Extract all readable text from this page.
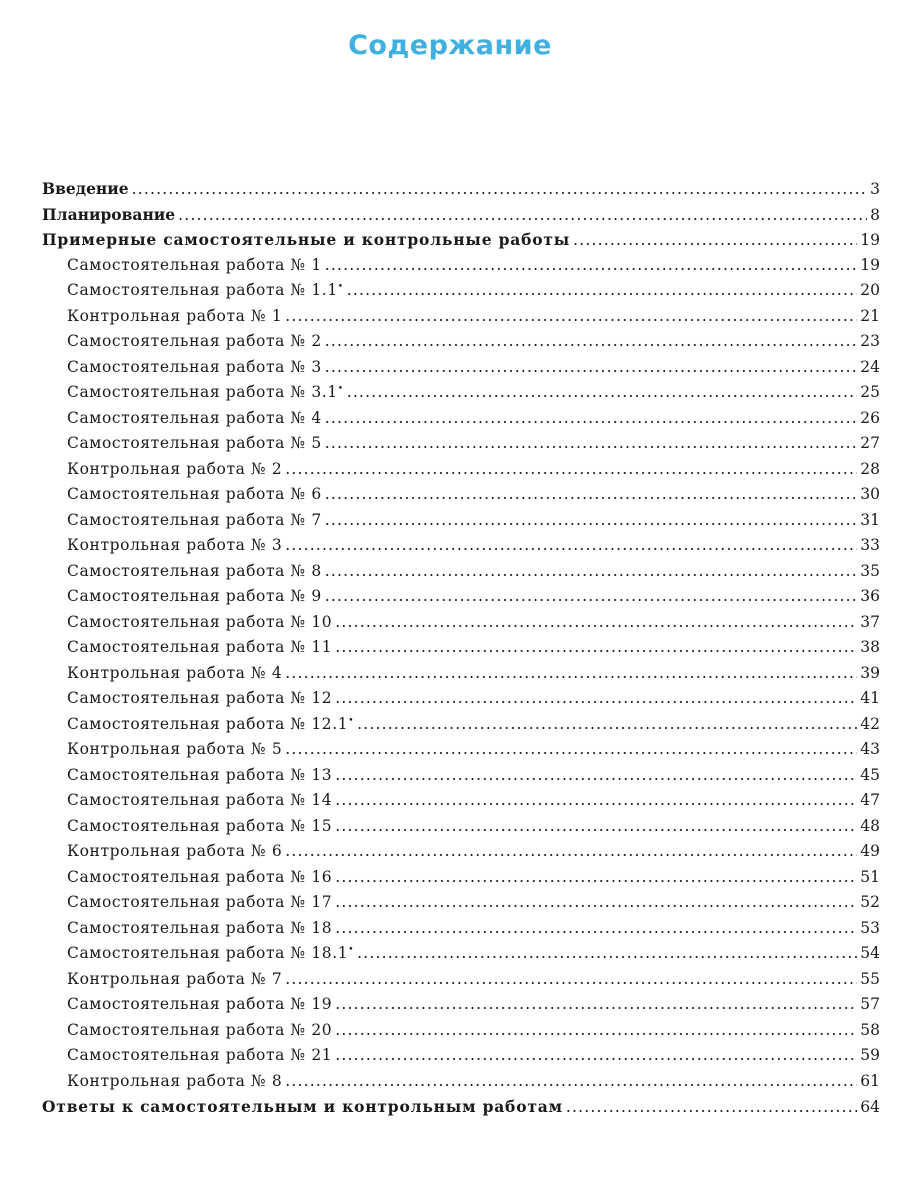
Содержание
Введение .....	3
Планирование .....	8
Примерные самостоятельные и контрольные работы .....	19
Самостоятельная работа № 1 .....	19
Самостоятельная работа № 1.1• .....	20
Контрольная работа № 1 .....	21
Самостоятельная работа № 2 .....	23
Самостоятельная работа № 3 .....	24
Самостоятельная работа № 3.1• .....	25
Самостоятельная работа № 4 .....	26
Самостоятельная работа № 5 .....	27
Контрольная работа № 2 .....	28
Самостоятельная работа № 6 .....	30
Самостоятельная работа № 7 .....	31
Контрольная работа № 3 .....	33
Самостоятельная работа № 8 .....	35
Самостоятельная работа № 9 .....	36
Самостоятельная работа № 10 .....	37
Самостоятельная работа № 11 .....	38
Контрольная работа № 4 .....	39
Самостоятельная работа № 12 .....	41
Самостоятельная работа № 12.1• .....	42
Контрольная работа № 5 .....	43
Самостоятельная работа № 13 .....	45
Самостоятельная работа № 14 .....	47
Самостоятельная работа № 15 .....	48
Контрольная работа № 6 .....	49
Самостоятельная работа № 16 .....	51
Самостоятельная работа № 17 .....	52
Самостоятельная работа № 18 .....	53
Самостоятельная работа № 18.1• .....	54
Контрольная работа № 7 .....	55
Самостоятельная работа № 19 .....	57
Самостоятельная работа № 20 .....	58
Самостоятельная работа № 21 .....	59
Контрольная работа № 8 .....	61
Ответы к самостоятельным и контрольным работам .....	64
